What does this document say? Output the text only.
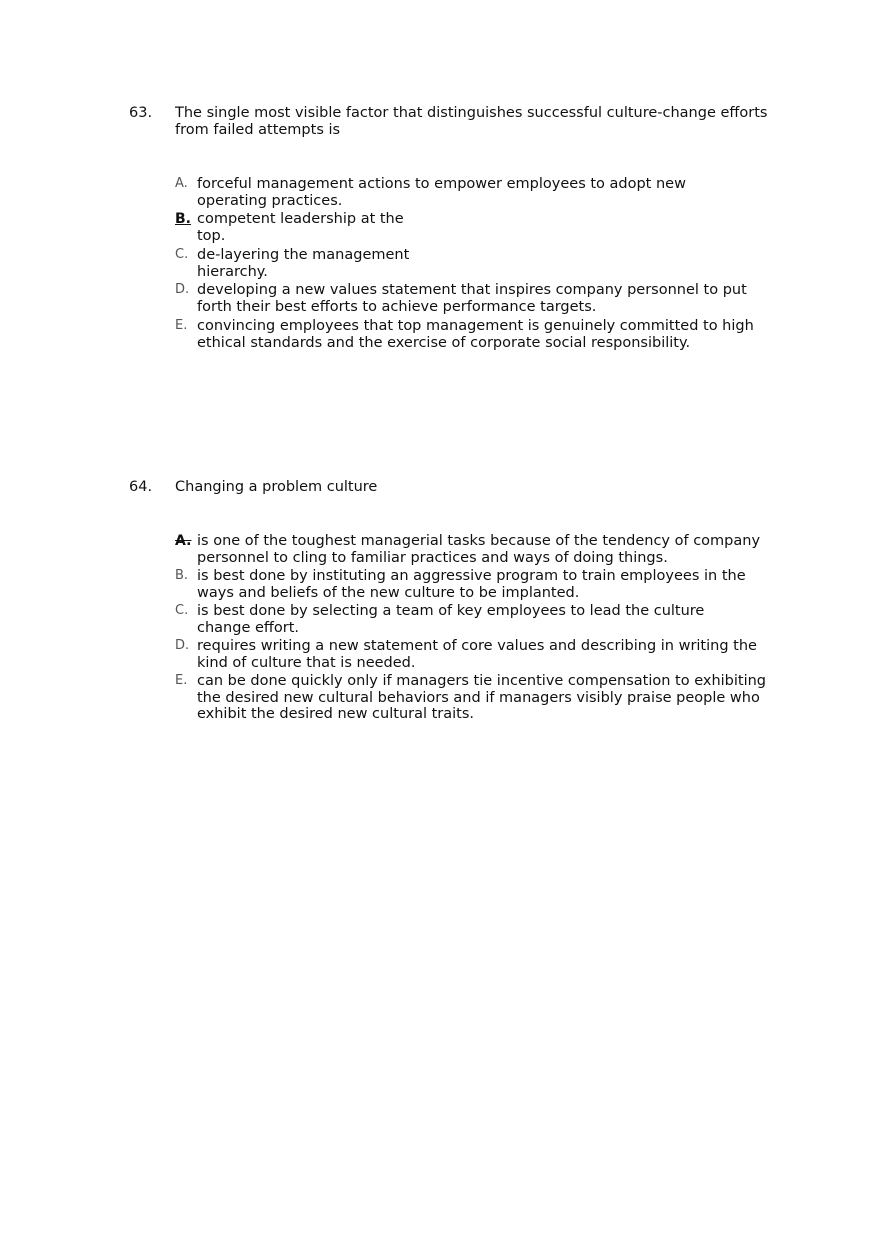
63. The single most visible factor that distinguishes successful culture-change efforts from failed attempts is
A. forceful management actions to empower employees to adopt new operating practices.
B. competent leadership at the top.
C. de-layering the management hierarchy.
D. developing a new values statement that inspires company personnel to put forth their best efforts to achieve performance targets.
E. convincing employees that top management is genuinely committed to high ethical standards and the exercise of corporate social responsibility.
64. Changing a problem culture
A. is one of the toughest managerial tasks because of the tendency of company personnel to cling to familiar practices and ways of doing things.
B. is best done by instituting an aggressive program to train employees in the ways and beliefs of the new culture to be implanted.
C. is best done by selecting a team of key employees to lead the culture change effort.
D. requires writing a new statement of core values and describing in writing the kind of culture that is needed.
E. can be done quickly only if managers tie incentive compensation to exhibiting the desired new cultural behaviors and if managers visibly praise people who exhibit the desired new cultural traits.
